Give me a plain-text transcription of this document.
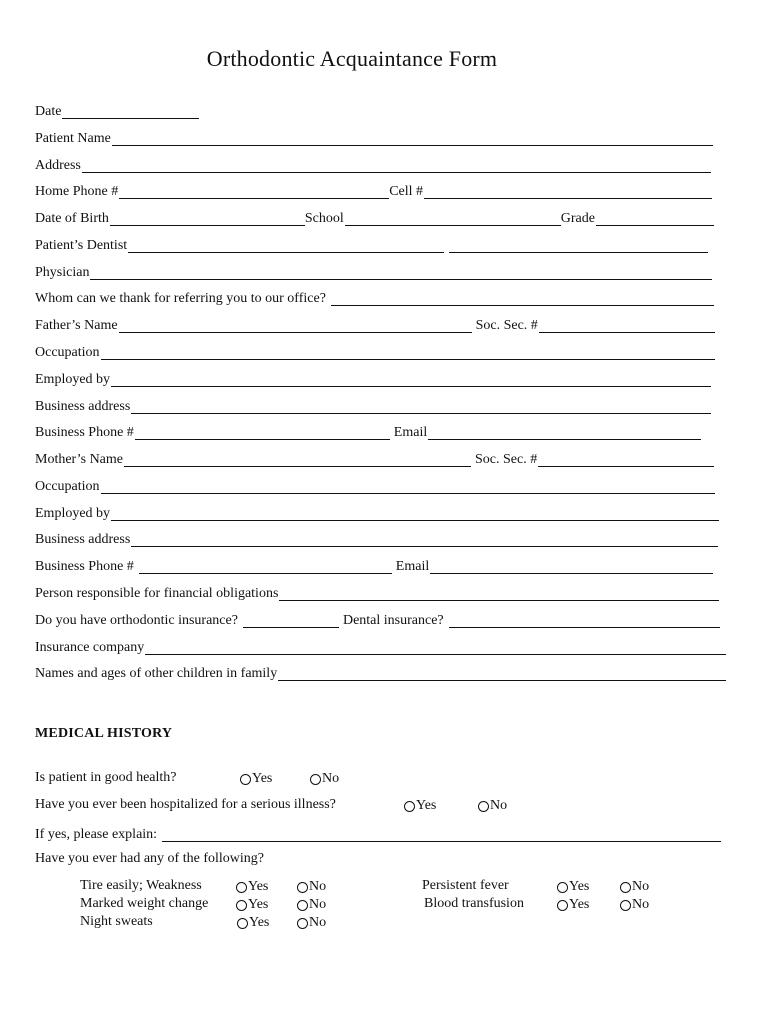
Orthodontic Acquaintance Form
Date
Patient Name
Address
Home Phone #	Cell #
Date of Birth	School	Grade
Patient’s Dentist
Physician
Whom can we thank for referring you to our office?
Father’s Name	Soc. Sec. #
Occupation
Employed by
Business address
Business Phone #	Email
Mother’s Name	Soc. Sec. #
Occupation
Employed by
Business address
Business Phone #	Email
Person responsible for financial obligations
Do you have orthodontic insurance?	Dental insurance?
Insurance company
Names and ages of other children in family
MEDICAL HISTORY
Is patient in good health?	Yes	No
Have you ever been hospitalized for a serious illness?	Yes	No
If yes, please explain:
Have you ever had any of the following?
Tire easily; Weakness	Yes	No
Marked weight change	Yes	No
Night sweats	Yes	No
Persistent fever	Yes	No
Blood transfusion	Yes	No
